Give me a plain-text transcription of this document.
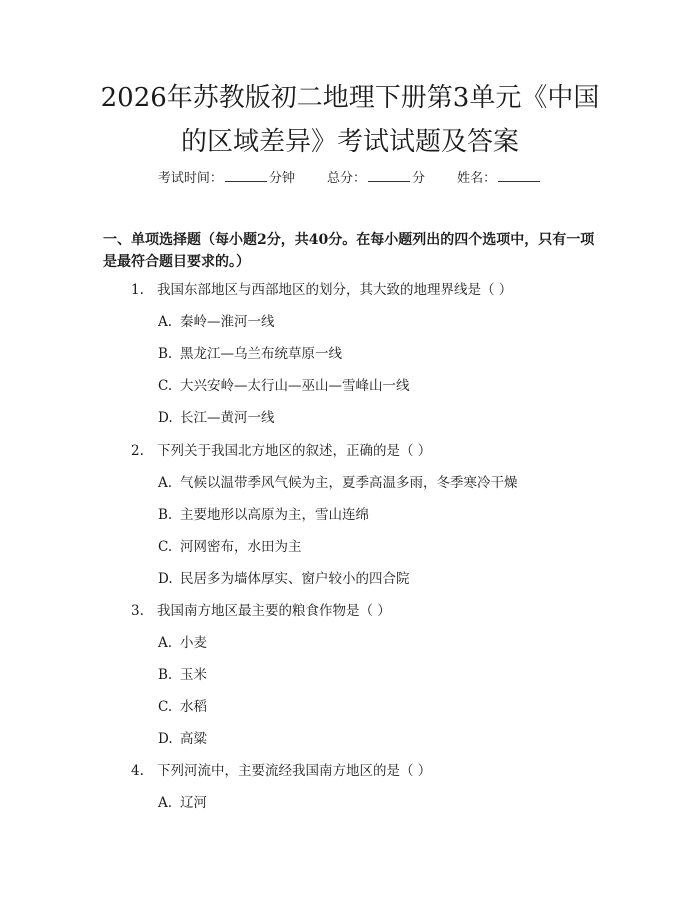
2026年苏教版初二地理下册第3单元《中国
的区域差异》考试试题及答案
考试时间：	分钟 总分：	分 姓名：

一、单项选择题（每小题2分，共40分。在每小题列出的四个选项中，只有一项是最符合题目要求的。）

1. 我国东部地区与西部地区的划分，其大致的地理界线是（ ）
A. 秦岭—淮河一线
B. 黑龙江—乌兰布统草原一线
C. 大兴安岭—太行山—巫山—雪峰山一线
D. 长江—黄河一线
2. 下列关于我国北方地区的叙述，正确的是（ ）
A. 气候以温带季风气候为主，夏季高温多雨，冬季寒冷干燥
B. 主要地形以高原为主，雪山连绵
C. 河网密布，水田为主
D. 民居多为墙体厚实、窗户较小的四合院
3. 我国南方地区最主要的粮食作物是（ ）
A. 小麦
B. 玉米
C. 水稻
D. 高粱
4. 下列河流中，主要流经我国南方地区的是（ ）
A. 辽河
